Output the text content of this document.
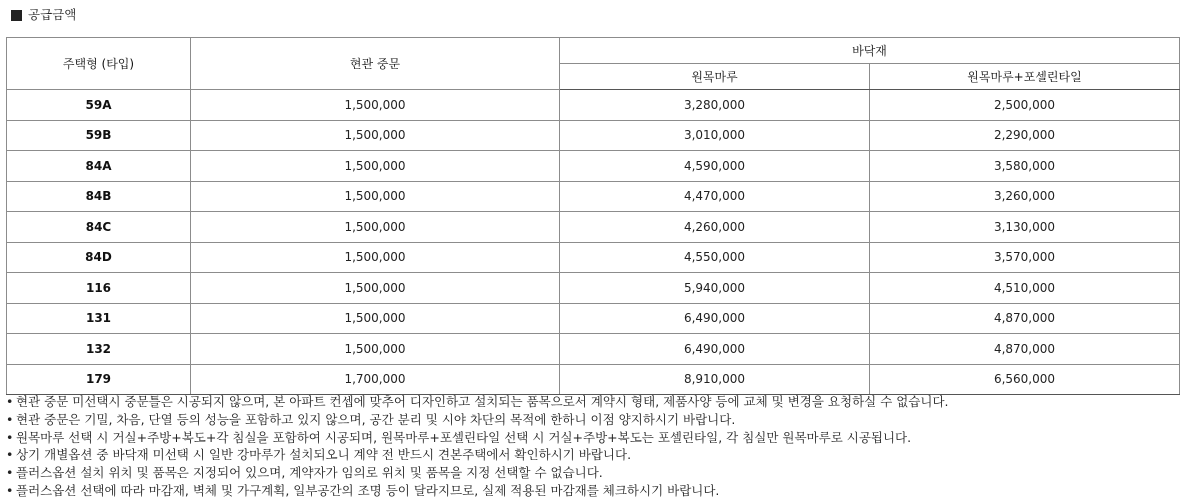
공급금액
주택형 (타입)	현관 중문	바닥재	
		원목마루	원목마루+포셀린타일
59A	1,500,000	3,280,000	2,500,000
59B	1,500,000	3,010,000	2,290,000
84A	1,500,000	4,590,000	3,580,000
84B	1,500,000	4,470,000	3,260,000
84C	1,500,000	4,260,000	3,130,000
84D	1,500,000	4,550,000	3,570,000
116	1,500,000	5,940,000	4,510,000
131	1,500,000	6,490,000	4,870,000
132	1,500,000	6,490,000	4,870,000
179	1,700,000	8,910,000	6,560,000
• 현관 중문 미선택시 중문틀은 시공되지 않으며, 본 아파트 컨셉에 맞추어 디자인하고 설치되는 품목으로서 계약시 형태, 제품사양 등에 교체 및 변경을 요청하실 수 없습니다.
• 현관 중문은 기밀, 차음, 단열 등의 성능을 포함하고 있지 않으며, 공간 분리 및 시야 차단의 목적에 한하니 이점 양지하시기 바랍니다.
• 원목마루 선택 시 거실+주방+복도+각 침실을 포함하여 시공되며, 원목마루+포셀린타일 선택 시 거실+주방+복도는 포셀린타일, 각 침실만 원목마루로 시공됩니다.
• 상기 개별옵션 중 바닥재 미선택 시 일반 강마루가 설치되오니 계약 전 반드시 견본주택에서 확인하시기 바랍니다.
• 플러스옵션 설치 위치 및 품목은 지정되어 있으며, 계약자가 임의로 위치 및 품목을 지정 선택할 수 없습니다.
• 플러스옵션 선택에 따라 마감재, 벽체 및 가구계획, 일부공간의 조명 등이 달라지므로, 실제 적용된 마감재를 체크하시기 바랍니다.
